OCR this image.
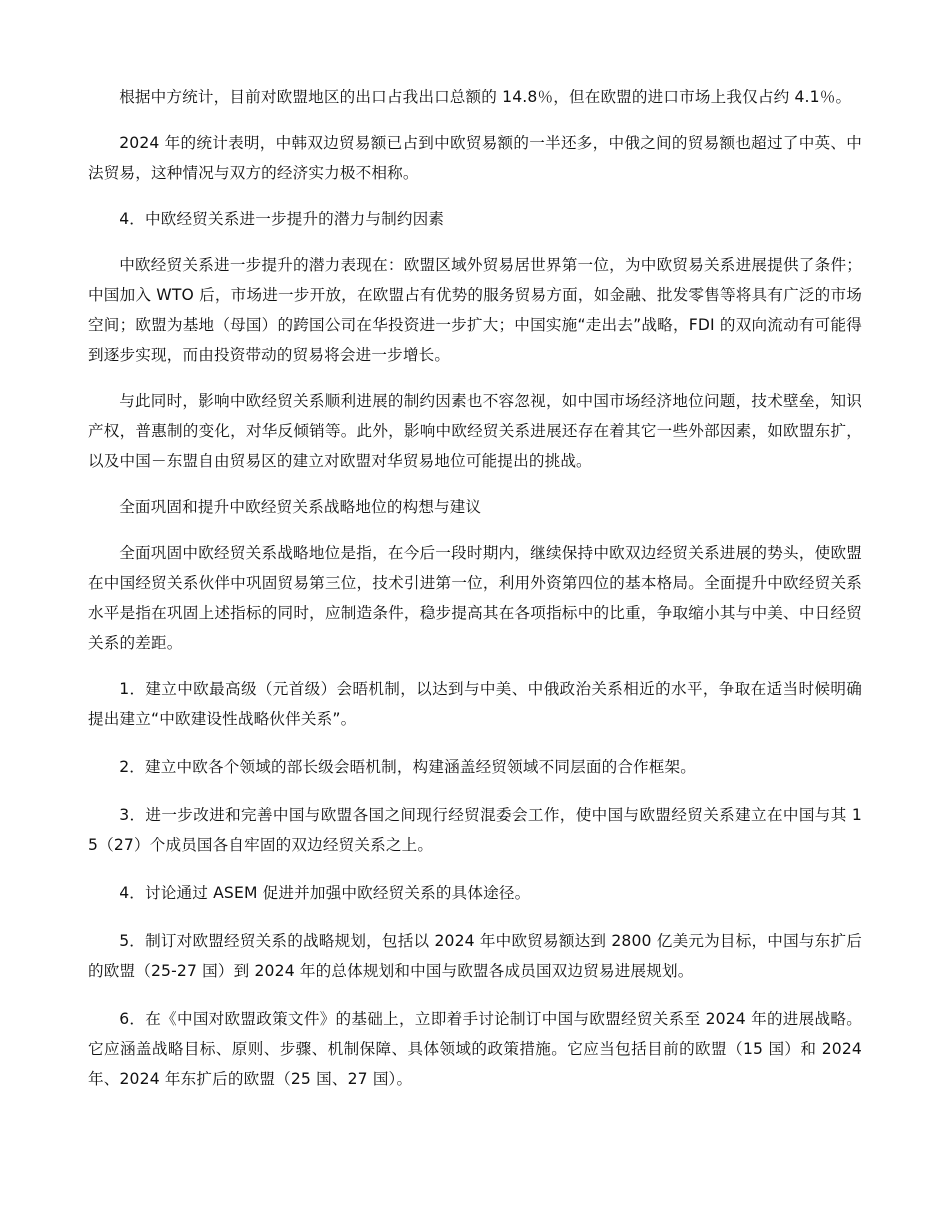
根据中方统计，目前对欧盟地区的出口占我出口总额的 14.8％，但在欧盟的进口市场上我仅占约 4.1％。

2024 年的统计表明，中韩双边贸易额已占到中欧贸易额的一半还多，中俄之间的贸易额也超过了中英、中法贸易，这种情况与双方的经济实力极不相称。

4．中欧经贸关系进一步提升的潜力与制约因素

中欧经贸关系进一步提升的潜力表现在：欧盟区域外贸易居世界第一位，为中欧贸易关系进展提供了条件；中国加入 WTO 后，市场进一步开放，在欧盟占有优势的服务贸易方面，如金融、批发零售等将具有广泛的市场空间；欧盟为基地（母国）的跨国公司在华投资进一步扩大；中国实施“走出去”战略，FDI 的双向流动有可能得到逐步实现，而由投资带动的贸易将会进一步增长。

与此同时，影响中欧经贸关系顺利进展的制约因素也不容忽视，如中国市场经济地位问题，技术壁垒，知识产权，普惠制的变化，对华反倾销等。此外，影响中欧经贸关系进展还存在着其它一些外部因素，如欧盟东扩，以及中国－东盟自由贸易区的建立对欧盟对华贸易地位可能提出的挑战。

全面巩固和提升中欧经贸关系战略地位的构想与建议

全面巩固中欧经贸关系战略地位是指，在今后一段时期内，继续保持中欧双边经贸关系进展的势头，使欧盟在中国经贸关系伙伴中巩固贸易第三位，技术引进第一位，利用外资第四位的基本格局。全面提升中欧经贸关系水平是指在巩固上述指标的同时，应制造条件，稳步提高其在各项指标中的比重，争取缩小其与中美、中日经贸关系的差距。

1．建立中欧最高级（元首级）会晤机制，以达到与中美、中俄政治关系相近的水平，争取在适当时候明确提出建立“中欧建设性战略伙伴关系”。

2．建立中欧各个领域的部长级会晤机制，构建涵盖经贸领域不同层面的合作框架。

3．进一步改进和完善中国与欧盟各国之间现行经贸混委会工作，使中国与欧盟经贸关系建立在中国与其 15（27）个成员国各自牢固的双边经贸关系之上。

4．讨论通过 ASEM 促进并加强中欧经贸关系的具体途径。

5．制订对欧盟经贸关系的战略规划，包括以 2024 年中欧贸易额达到 2800 亿美元为目标，中国与东扩后的欧盟（25-27 国）到 2024 年的总体规划和中国与欧盟各成员国双边贸易进展规划。

6．在《中国对欧盟政策文件》的基础上，立即着手讨论制订中国与欧盟经贸关系至 2024 年的进展战略。它应涵盖战略目标、原则、步骤、机制保障、具体领域的政策措施。它应当包括目前的欧盟（15 国）和 2024 年、2024 年东扩后的欧盟（25 国、27 国）。
